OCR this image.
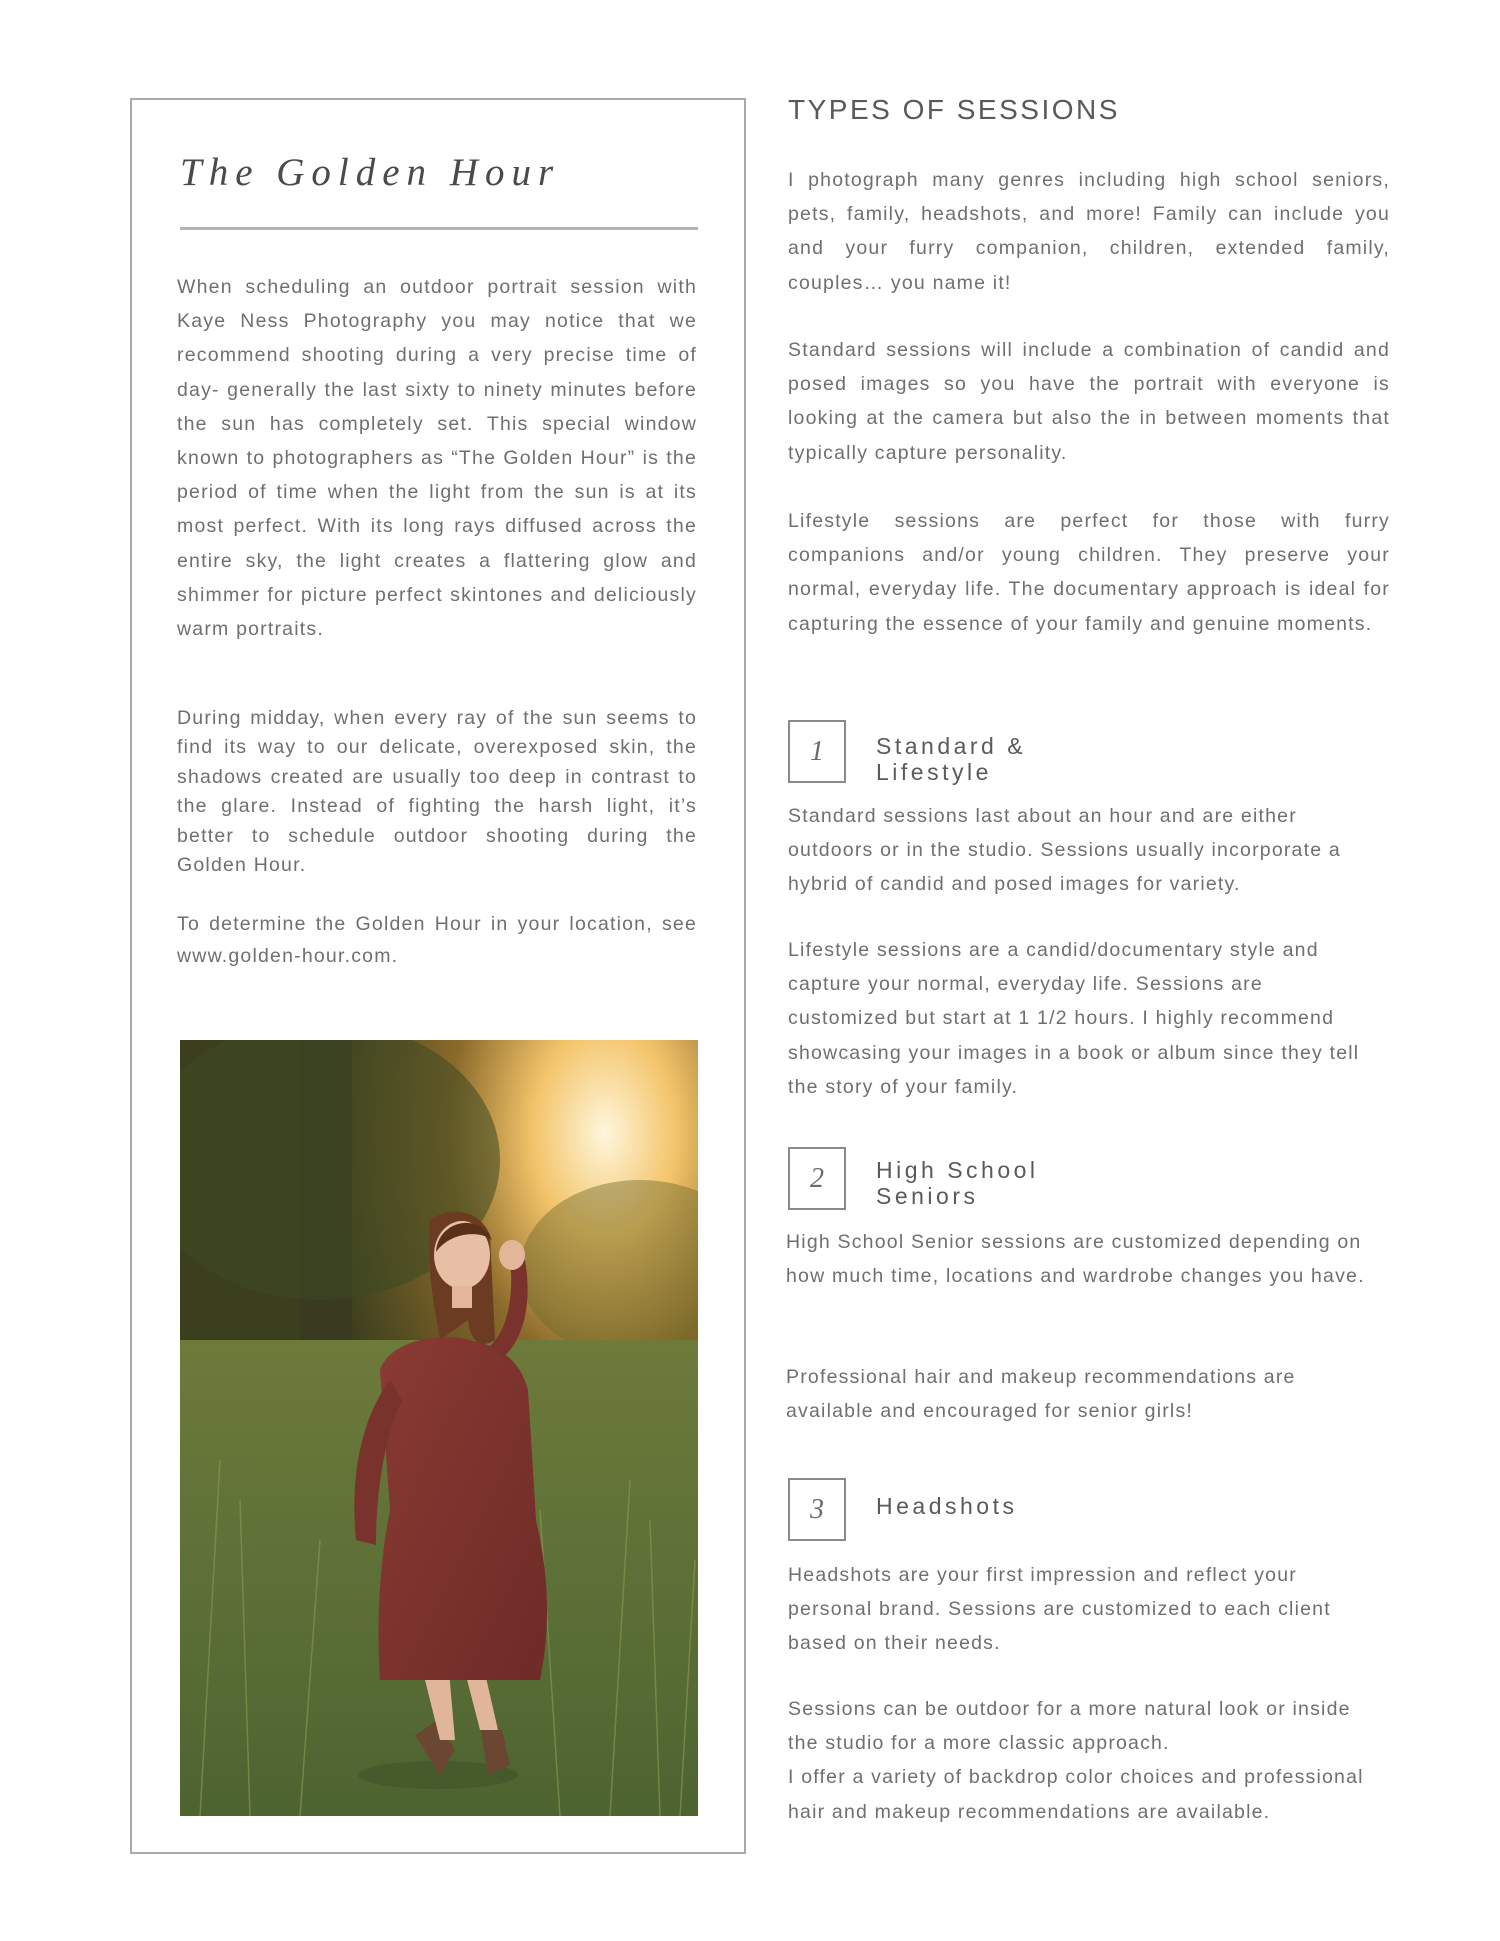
The Golden Hour

When scheduling an outdoor portrait session with Kaye Ness Photography you may notice that we recommend shooting during a very precise time of day- generally the last sixty to ninety minutes before the sun has completely set. This special window known to photographers as “The Golden Hour” is the period of time when the light from the sun is at its most perfect. With its long rays diffused across the entire sky, the light creates a flattering glow and shimmer for picture perfect skintones and deliciously warm portraits.

During midday, when every ray of the sun seems to find its way to our delicate, overexposed skin, the shadows created are usually too deep in contrast to the glare. Instead of fighting the harsh light, it’s better to schedule outdoor shooting during the Golden Hour.

To determine the Golden Hour in your location, see www.golden-hour.com.

TYPES OF SESSIONS

I photograph many genres including high school seniors, pets, family, headshots, and more! Family can include you and your furry companion, children, extended family, couples… you name it!

Standard sessions will include a combination of candid and posed images so you have the portrait with everyone is looking at the camera but also the in between moments that typically capture personality.

Lifestyle sessions are perfect for those with furry companions and/or young children. They preserve your normal, everyday life. The documentary approach is ideal for capturing the essence of your family and genuine moments.

1	Standard &
Lifestyle

Standard sessions last about an hour and are either outdoors or in the studio. Sessions usually incorporate a hybrid of candid and posed images for variety.

Lifestyle sessions are a candid/documentary style and capture your normal, everyday life. Sessions are customized but start at 1 1/2 hours. I highly recommend showcasing your images in a book or album since they tell the story of your family.

2	High School
Seniors

High School Senior sessions are customized depending on how much time, locations and wardrobe changes you have.

Professional hair and makeup recommendations are available and encouraged for senior girls!

3	Headshots

Headshots are your first impression and reflect your personal brand. Sessions are customized to each client based on their needs.

Sessions can be outdoor for a more natural look or inside the studio for a more classic approach.
I offer a variety of backdrop color choices and professional hair and makeup recommendations are available.
